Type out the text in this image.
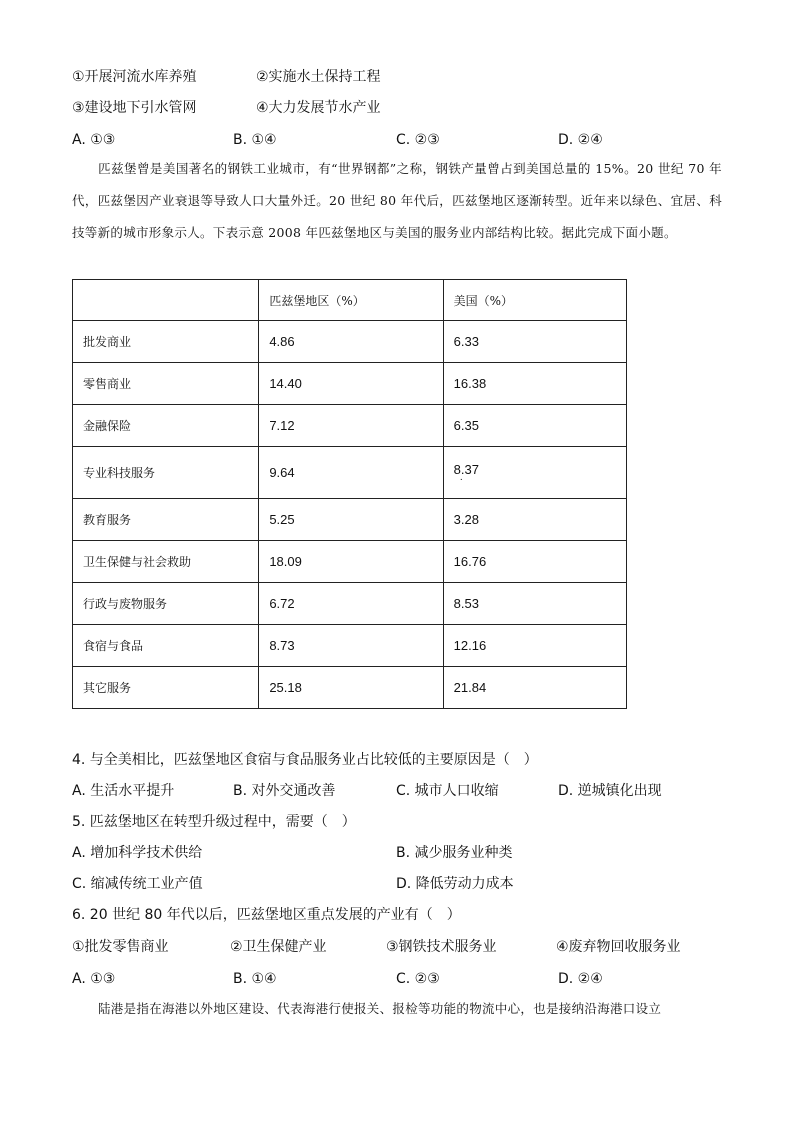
①开展河流水库养殖	②实施水土保持工程
③建设地下引水管网	④大力发展节水产业
A. ①③	B. ①④	C. ②③	D. ②④
匹兹堡曾是美国著名的钢铁工业城市，有“世界钢都”之称，钢铁产量曾占到美国总量的 15%。20 世纪 70 年代，匹兹堡因产业衰退等导致人口大量外迁。20 世纪 80 年代后，匹兹堡地区逐渐转型。近年来以绿色、宜居、科技等新的城市形象示人。下表示意 2008 年匹兹堡地区与美国的服务业内部结构比较。据此完成下面小题。
	匹兹堡地区（%）	美国（%）
批发商业	4.86	6.33
零售商业	14.40	16.38
金融保险	7.12	6.35
专业科技服务	9.64	8.37
·

教育服务	5.25	3.28
卫生保健与社会救助	18.09	16.76
行政与废物服务	6.72	8.53
食宿与食品	8.73	12.16
其它服务	25.18	21.84
4. 与全美相比，匹兹堡地区食宿与食品服务业占比较低的主要原因是（　）
A. 生活水平提升	B. 对外交通改善	C. 城市人口收缩	D. 逆城镇化出现
5. 匹兹堡地区在转型升级过程中，需要（　）
A. 增加科学技术供给	B. 减少服务业种类
C. 缩减传统工业产值	D. 降低劳动力成本
6. 20 世纪 80 年代以后，匹兹堡地区重点发展的产业有（　）
①批发零售商业	②卫生保健产业	③钢铁技术服务业	④废弃物回收服务业
A. ①③	B. ①④	C. ②③	D. ②④
陆港是指在海港以外地区建设、代表海港行使报关、报检等功能的物流中心，也是接纳沿海港口设立
